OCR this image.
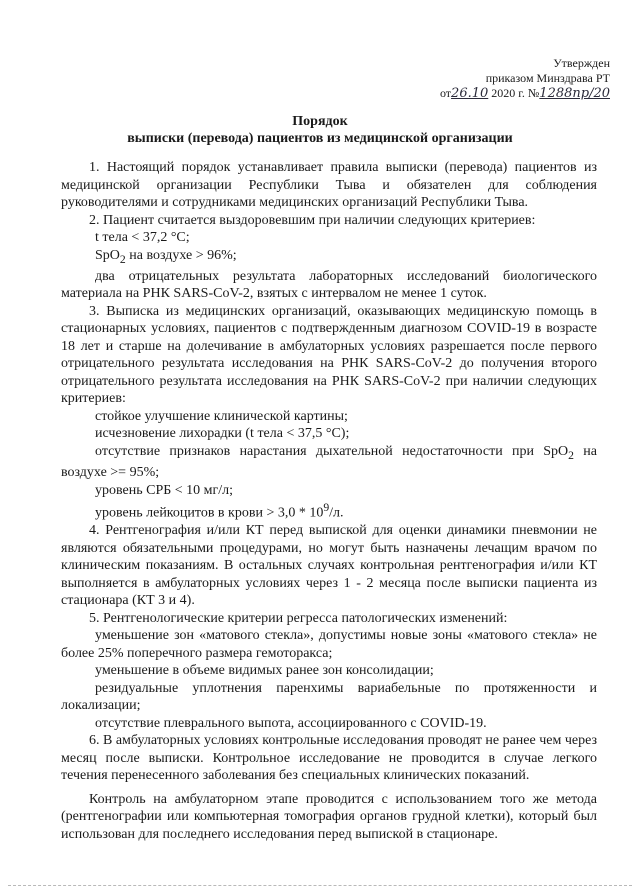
Утвержден
приказом Минздрава РТ
от26.10 2020 г. №1288пр/20
Порядок
выписки (перевода) пациентов из медицинской организации

1. Настоящий порядок устанавливает правила выписки (перевода) пациентов из медицинской организации Республики Тыва и обязателен для соблюдения руководителями и сотрудниками медицинских организаций Республики Тыва.

2. Пациент считается выздоровевшим при наличии следующих критериев:

t тела < 37,2 °C;

SpO$_2$ на воздухе > 96%;

два отрицательных результата лабораторных исследований биологического материала на РНК SARS-CoV-2, взятых с интервалом не менее 1 суток.

3. Выписка из медицинских организаций, оказывающих медицинскую помощь в стационарных условиях, пациентов с подтвержденным диагнозом COVID-19 в возрасте 18 лет и старше на долечивание в амбулаторных условиях разрешается после первого отрицательного результата исследования на РНК SARS-CoV-2 до получения второго отрицательного результата исследования на РНК SARS-CoV-2 при наличии следующих критериев:

стойкое улучшение клинической картины;

исчезновение лихорадки (t тела < 37,5 °C);

отсутствие признаков нарастания дыхательной недостаточности при SpO$_2$ на воздухе >= 95%;

уровень СРБ < 10 мг/л;

уровень лейкоцитов в крови > $3,0 * 10^9/л$.

4. Рентгенография и/или КТ перед выпиской для оценки динамики пневмонии не являются обязательными процедурами, но могут быть назначены лечащим врачом по клиническим показаниям. В остальных случаях контрольная рентгенография и/или КТ выполняется в амбулаторных условиях через 1 - 2 месяца после выписки пациента из стационара (КТ 3 и 4).

5. Рентгенологические критерии регресса патологических изменений:

уменьшение зон «матового стекла», допустимы новые зоны «матового стекла» не более 25% поперечного размера гемоторакса;

уменьшение в объеме видимых ранее зон консолидации;

резидуальные уплотнения паренхимы вариабельные по протяженности и локализации;

отсутствие плеврального выпота, ассоциированного с COVID-19.

6. В амбулаторных условиях контрольные исследования проводят не ранее чем через месяц после выписки. Контрольное исследование не проводится в случае легкого течения перенесенного заболевания без специальных клинических показаний.

Контроль на амбулаторном этапе проводится с использованием того же метода (рентгенографии или компьютерная томография органов грудной клетки), который был использован для последнего исследования перед выпиской в стационаре.
